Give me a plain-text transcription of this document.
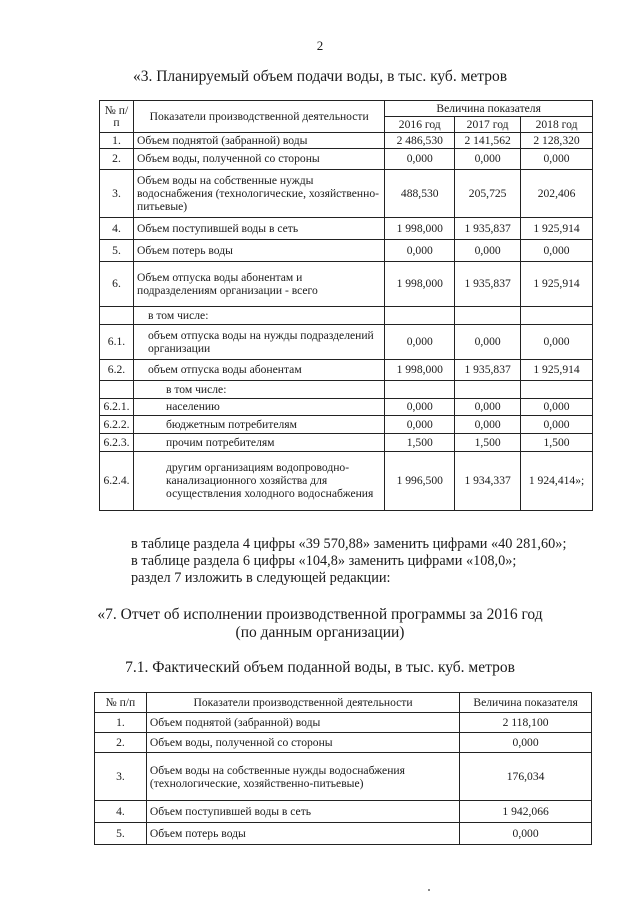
2
«3. Планируемый объем подачи воды, в тыс. куб. метров
№ п/п	Показатели производственной деятельности	Величина показателя		
		2016 год	2017 год	2018 год
1.	Объем поднятой (забранной) воды	2 486,530	2 141,562	2 128,320
2.	Объем воды, полученной со стороны	0,000	0,000	0,000
3.	Объем воды на собственные нужды водоснабжения (технологические, хозяйственно-питьевые)	488,530	205,725	202,406
4.	Объем поступившей воды в сеть	1 998,000	1 935,837	1 925,914
5.	Объем потерь воды	0,000	0,000	0,000
6.	Объем отпуска воды абонентам и подразделениям организации - всего	1 998,000	1 935,837	1 925,914
	в том числе:			
6.1.	объем отпуска воды на нужды подразделений организации	0,000	0,000	0,000
6.2.	объем отпуска воды абонентам	1 998,000	1 935,837	1 925,914
	в том числе:			
6.2.1.	населению	0,000	0,000	0,000
6.2.2.	бюджетным потребителям	0,000	0,000	0,000
6.2.3.	прочим потребителям	1,500	1,500	1,500
6.2.4.	другим организациям водопроводно-канализационного хозяйства для осуществления холодного водоснабжения	1 996,500	1 934,337	1 924,414»;
в таблице раздела 4 цифры «39 570,88» заменить цифрами «40 281,60»;
в таблице раздела 6 цифры «104,8» заменить цифрами «108,0»;
раздел 7 изложить в следующей редакции:
«7. Отчет об исполнении производственной программы за 2016 год
(по данным организации)
7.1. Фактический объем поданной воды, в тыс. куб. метров
№ п/п	Показатели производственной деятельности	Величина показателя
1.	Объем поднятой (забранной) воды	2 118,100
2.	Объем воды, полученной со стороны	0,000
3.	Объем воды на собственные нужды водоснабжения (технологические, хозяйственно-питьевые)	176,034
4.	Объем поступившей воды в сеть	1 942,066
5.	Объем потерь воды	0,000
